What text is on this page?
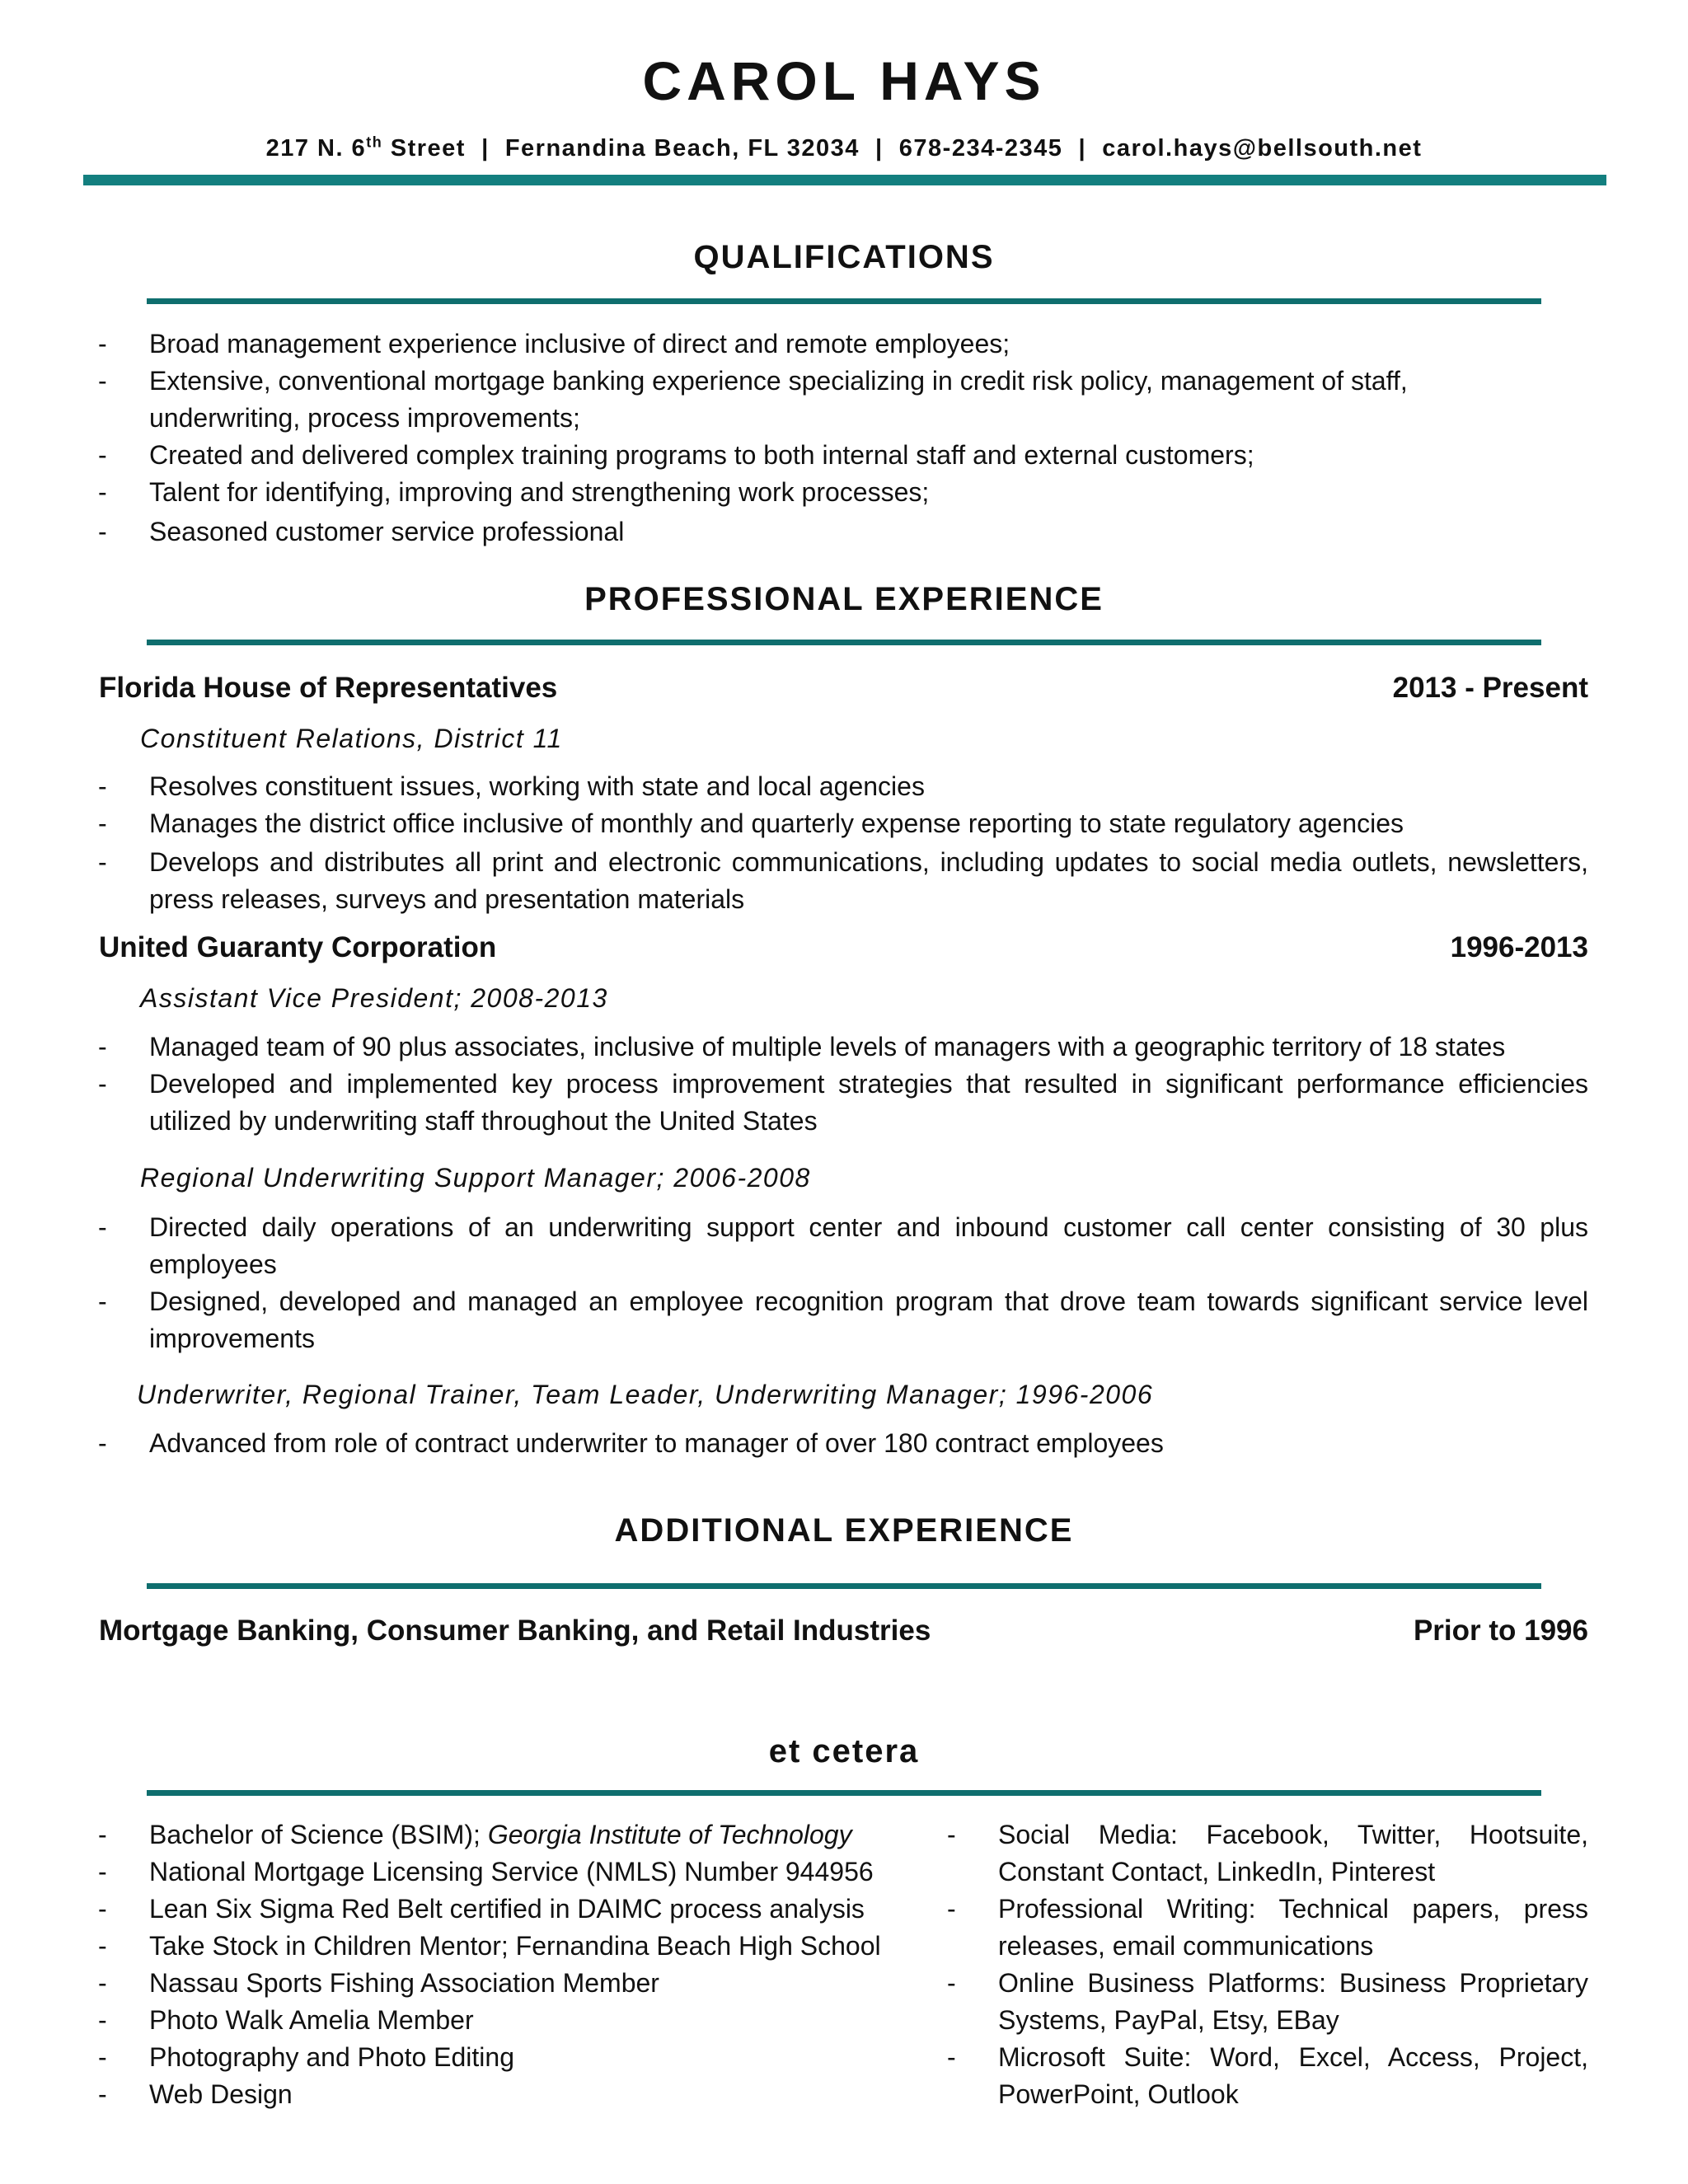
CAROL HAYS
217 N. 6th Street  |  Fernandina Beach, FL 32034  |  678-234-2345  |  carol.hays@bellsouth.net
QUALIFICATIONS
- Broad management experience inclusive of direct and remote employees;
- Extensive, conventional mortgage banking experience specializing in credit risk policy, management of staff, underwriting, process improvements;
- Created and delivered complex training programs to both internal staff and external customers;
- Talent for identifying, improving and strengthening work processes;
- Seasoned customer service professional
PROFESSIONAL EXPERIENCE
Florida House of Representatives	2013 - Present
Constituent Relations, District 11
- Resolves constituent issues, working with state and local agencies
- Manages the district office inclusive of monthly and quarterly expense reporting to state regulatory agencies
- Develops and distributes all print and electronic communications, including updates to social media outlets, newsletters, press releases, surveys and presentation materials
United Guaranty Corporation	1996-2013
Assistant Vice President; 2008-2013
- Managed team of 90 plus associates, inclusive of multiple levels of managers with a geographic territory of 18 states
- Developed and implemented key process improvement strategies that resulted in significant performance efficiencies utilized by underwriting staff throughout the United States
Regional Underwriting Support Manager; 2006-2008
- Directed daily operations of an underwriting support center and inbound customer call center consisting of 30 plus employees
- Designed, developed and managed an employee recognition program that drove team towards significant service level improvements
Underwriter, Regional Trainer, Team Leader, Underwriting Manager; 1996-2006
- Advanced from role of contract underwriter to manager of over 180 contract employees
ADDITIONAL EXPERIENCE
Mortgage Banking, Consumer Banking, and Retail Industries	Prior to 1996
et cetera
- Bachelor of Science (BSIM); Georgia Institute of Technology
- National Mortgage Licensing Service (NMLS) Number 944956
- Lean Six Sigma Red Belt certified in DAIMC process analysis
- Take Stock in Children Mentor; Fernandina Beach High School
- Nassau Sports Fishing Association Member
- Photo Walk Amelia Member
- Photography and Photo Editing
- Web Design
- Social Media: Facebook, Twitter, Hootsuite, Constant Contact, LinkedIn, Pinterest
- Professional Writing: Technical papers, press releases, email communications
- Online Business Platforms: Business Proprietary Systems, PayPal, Etsy, EBay
- Microsoft Suite: Word, Excel, Access, Project, PowerPoint, Outlook
